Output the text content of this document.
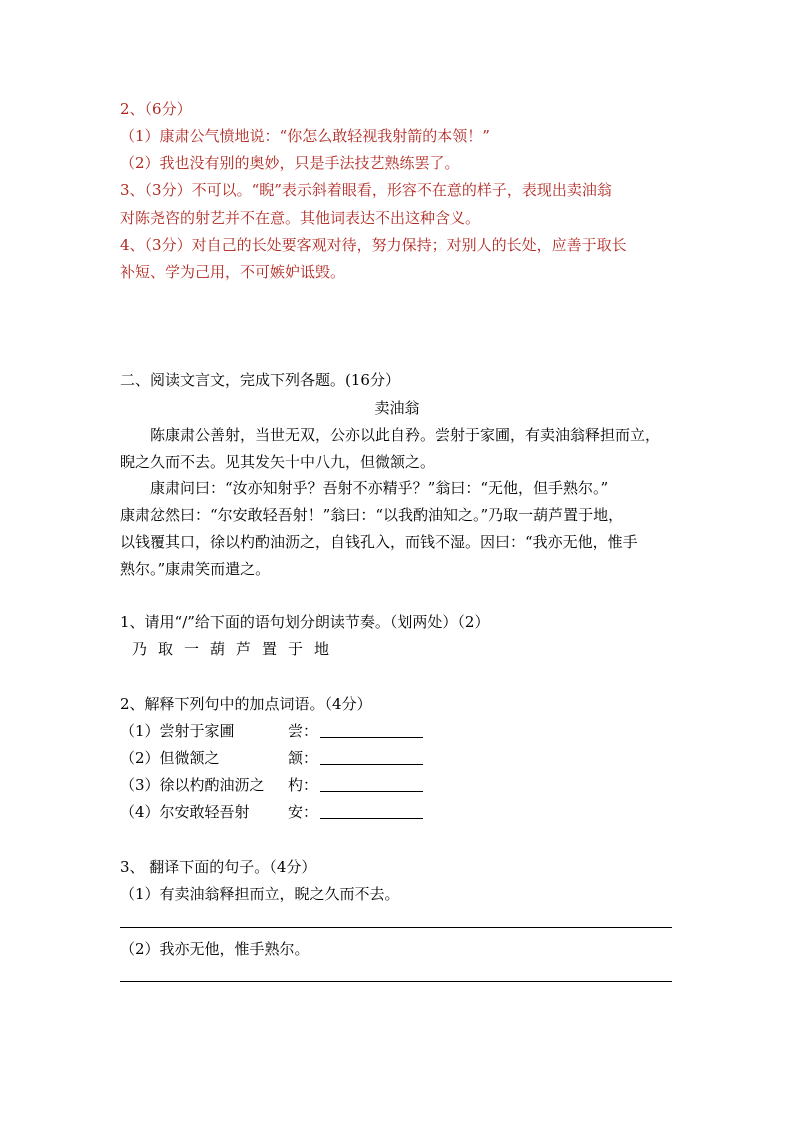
2、（6分）
（1）康肃公气愤地说：“你怎么敢轻视我射箭的本领！”
（2）我也没有别的奥妙，只是手法技艺熟练罢了。
3、（3分）不可以。“睨”表示斜着眼看，形容不在意的样子，表现出卖油翁
对陈尧咨的射艺并不在意。其他词表达不出这种含义。
4、（3分）对自己的长处要客观对待，努力保持；对别人的长处，应善于取长
补短、学为己用，不可嫉妒诋毁。
二、阅读文言文，完成下列各题。(16分）
卖油翁
陈康肃公善射，当世无双，公亦以此自矜。尝射于家圃，有卖油翁释担而立，
睨之久而不去。见其发矢十中八九，但微颔之。
康肃问曰：“汝亦知射乎？吾射不亦精乎？”翁曰：“无他，但手熟尔。”
康肃忿然曰：“尔安敢轻吾射！”翁曰：“以我酌油知之。”乃取一葫芦置于地，
以钱覆其口，徐以杓酌油沥之，自钱孔入，而钱不湿。因曰：“我亦无他，惟手
熟尔。”康肃笑而遣之。
1、请用“/”给下面的语句划分朗读节奏。（划两处）（2）
乃取一葫芦置于地
2、解释下列句中的加点词语。（4分）
（1）尝射于家圃	尝：
（2）但微颔之	颔：
（3）徐以杓酌油沥之 杓：
（4）尔安敢轻吾射	安：
3、 翻译下面的句子。（4分）
（1）有卖油翁释担而立，睨之久而不去。
（2）我亦无他，惟手熟尔。
